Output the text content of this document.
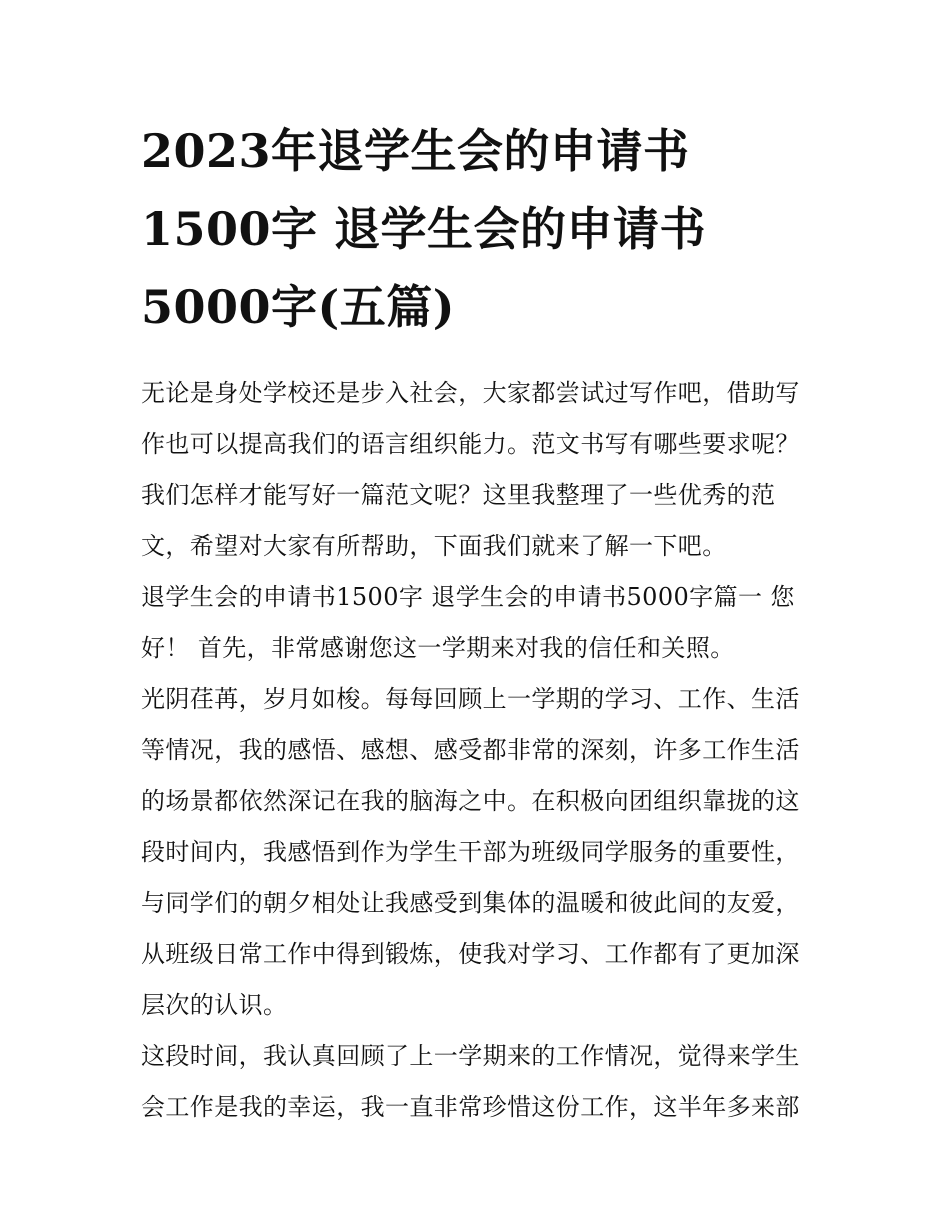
2023年退学生会的申请书1500字 退学生会的申请书5000字(五篇)

无论是身处学校还是步入社会，大家都尝试过写作吧，借助写作也可以提高我们的语言组织能力。范文书写有哪些要求呢？我们怎样才能写好一篇范文呢？这里我整理了一些优秀的范文，希望对大家有所帮助，下面我们就来了解一下吧。

退学生会的申请书1500字 退学生会的申请书5000字篇一 您好！ 首先，非常感谢您这一学期来对我的信任和关照。

光阴荏苒，岁月如梭。每每回顾上一学期的学习、工作、生活等情况，我的感悟、感想、感受都非常的深刻，许多工作生活的场景都依然深记在我的脑海之中。在积极向团组织靠拢的这段时间内，我感悟到作为学生干部为班级同学服务的重要性，与同学们的朝夕相处让我感受到集体的温暖和彼此间的友爱，从班级日常工作中得到锻炼，使我对学习、工作都有了更加深层次的认识。

这段时间，我认真回顾了上一学期来的工作情况，觉得来学生会工作是我的幸运，我一直非常珍惜这份工作，这半年多来部
